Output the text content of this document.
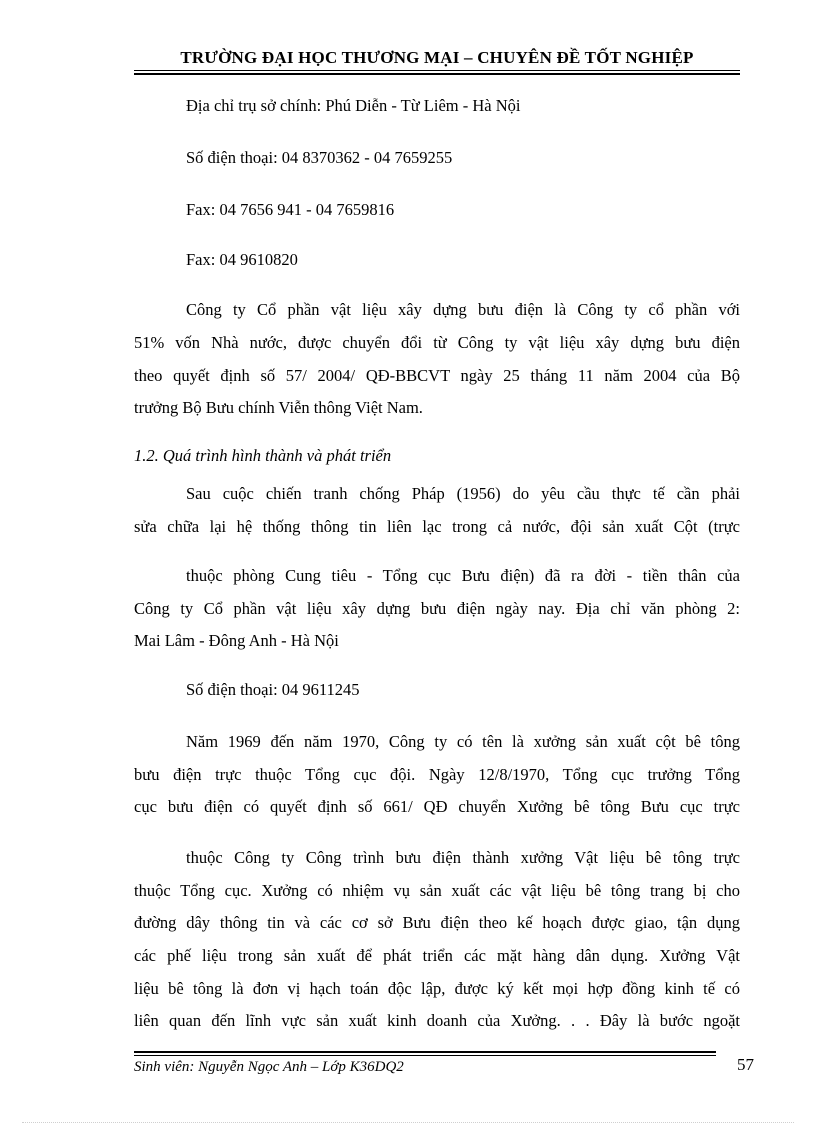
TRƯỜNG ĐẠI HỌC THƯƠNG MẠI – CHUYÊN ĐỀ TỐT NGHIỆP
Địa chỉ trụ sở chính: Phú Diễn - Từ Liêm - Hà Nội
Số điện thoại: 04 8370362 - 04 7659255
Fax: 04 7656 941 - 04 7659816
Fax: 04 9610820
Công ty Cổ phần vật liệu xây dựng bưu điện là Công ty cổ phần với
51% vốn Nhà nước, được chuyển đổi từ Công ty vật liệu xây dựng bưu điện
theo quyết định số 57/ 2004/ QĐ-BBCVT ngày 25 tháng 11 năm 2004 của Bộ
trưởng Bộ Bưu chính Viễn thông Việt Nam.
1.2. Quá trình hình thành và phát triển
Sau cuộc chiến tranh chống Pháp (1956) do yêu cầu thực tế cần phải
sửa chữa lại hệ thống thông tin liên lạc trong cả nước, đội sản xuất Cột (trực
thuộc phòng Cung tiêu - Tổng cục Bưu điện) đã ra đời - tiền thân của
Công ty Cổ phần vật liệu xây dựng bưu điện ngày nay. Địa chỉ văn phòng 2:
Mai Lâm - Đông Anh - Hà Nội
Số điện thoại: 04 9611245
Năm 1969 đến năm 1970, Công ty có tên là xưởng sản xuất cột bê tông
bưu điện trực thuộc Tổng cục đội. Ngày 12/8/1970, Tổng cục trưởng Tổng
cục bưu điện có quyết định số 661/ QĐ chuyển Xưởng bê tông Bưu cục trực
thuộc Công ty Công trình bưu điện thành xưởng Vật liệu bê tông trực
thuộc Tổng cục. Xưởng có nhiệm vụ sản xuất các vật liệu bê tông trang bị cho
đường dây thông tin và các cơ sở Bưu điện theo kế hoạch được giao, tận dụng
các phế liệu trong sản xuất để phát triển các mặt hàng dân dụng. Xưởng Vật
liệu bê tông là đơn vị hạch toán độc lập, được ký kết mọi hợp đồng kinh tế có
liên quan đến lĩnh vực sản xuất kinh doanh của Xưởng. . . Đây là bước ngoặt
Sinh viên: Nguyễn Ngọc Anh – Lớp K36DQ2	57
